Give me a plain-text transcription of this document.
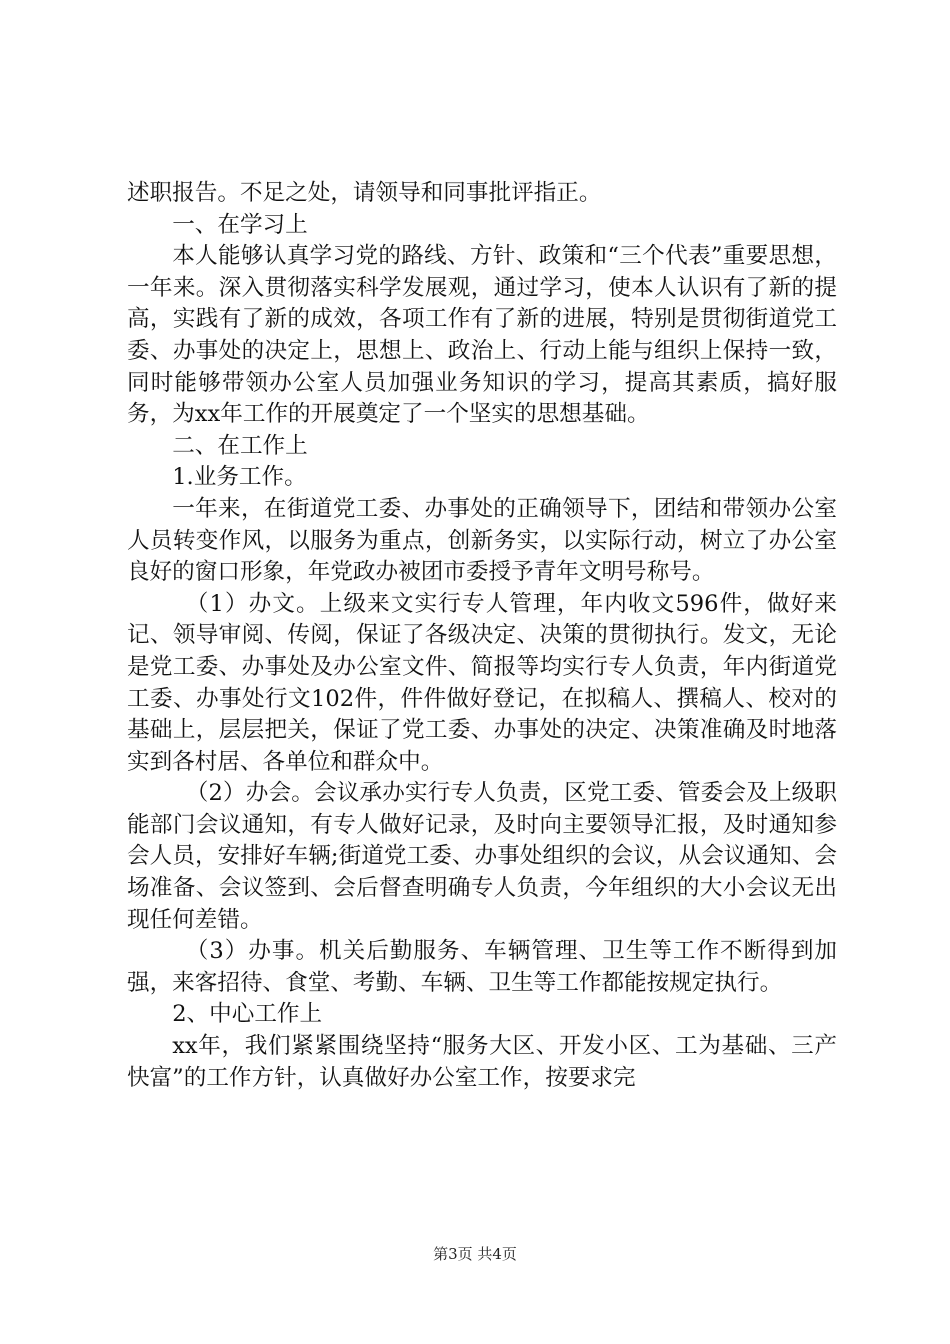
述职报告。不足之处，请领导和同事批评指正。

一、在学习上

本人能够认真学习党的路线、方针、政策和“三个代表”重要思想，一年来。深入贯彻落实科学发展观，通过学习，使本人认识有了新的提高，实践有了新的成效，各项工作有了新的进展，特别是贯彻街道党工委、办事处的决定上，思想上、政治上、行动上能与组织上保持一致，同时能够带领办公室人员加强业务知识的学习，提高其素质，搞好服务，为xx年工作的开展奠定了一个坚实的思想基础。

二、在工作上

1.业务工作。

一年来，在街道党工委、办事处的正确领导下，团结和带领办公室人员转变作风，以服务为重点，创新务实，以实际行动，树立了办公室良好的窗口形象，年党政办被团市委授予青年文明号称号。

（1）办文。上级来文实行专人管理，年内收文596件，做好来记、领导审阅、传阅，保证了各级决定、决策的贯彻执行。发文，无论是党工委、办事处及办公室文件、简报等均实行专人负责，年内街道党工委、办事处行文102件，件件做好登记，在拟稿人、撰稿人、校对的基础上，层层把关，保证了党工委、办事处的决定、决策准确及时地落实到各村居、各单位和群众中。

（2）办会。会议承办实行专人负责，区党工委、管委会及上级职能部门会议通知，有专人做好记录，及时向主要领导汇报，及时通知参会人员，安排好车辆;街道党工委、办事处组织的会议，从会议通知、会场准备、会议签到、会后督查明确专人负责，今年组织的大小会议无出现任何差错。

（3）办事。机关后勤服务、车辆管理、卫生等工作不断得到加强，来客招待、食堂、考勤、车辆、卫生等工作都能按规定执行。

2、中心工作上

xx年，我们紧紧围绕坚持“服务大区、开发小区、工为基础、三产快富”的工作方针，认真做好办公室工作，按要求完

第3页 共4页
